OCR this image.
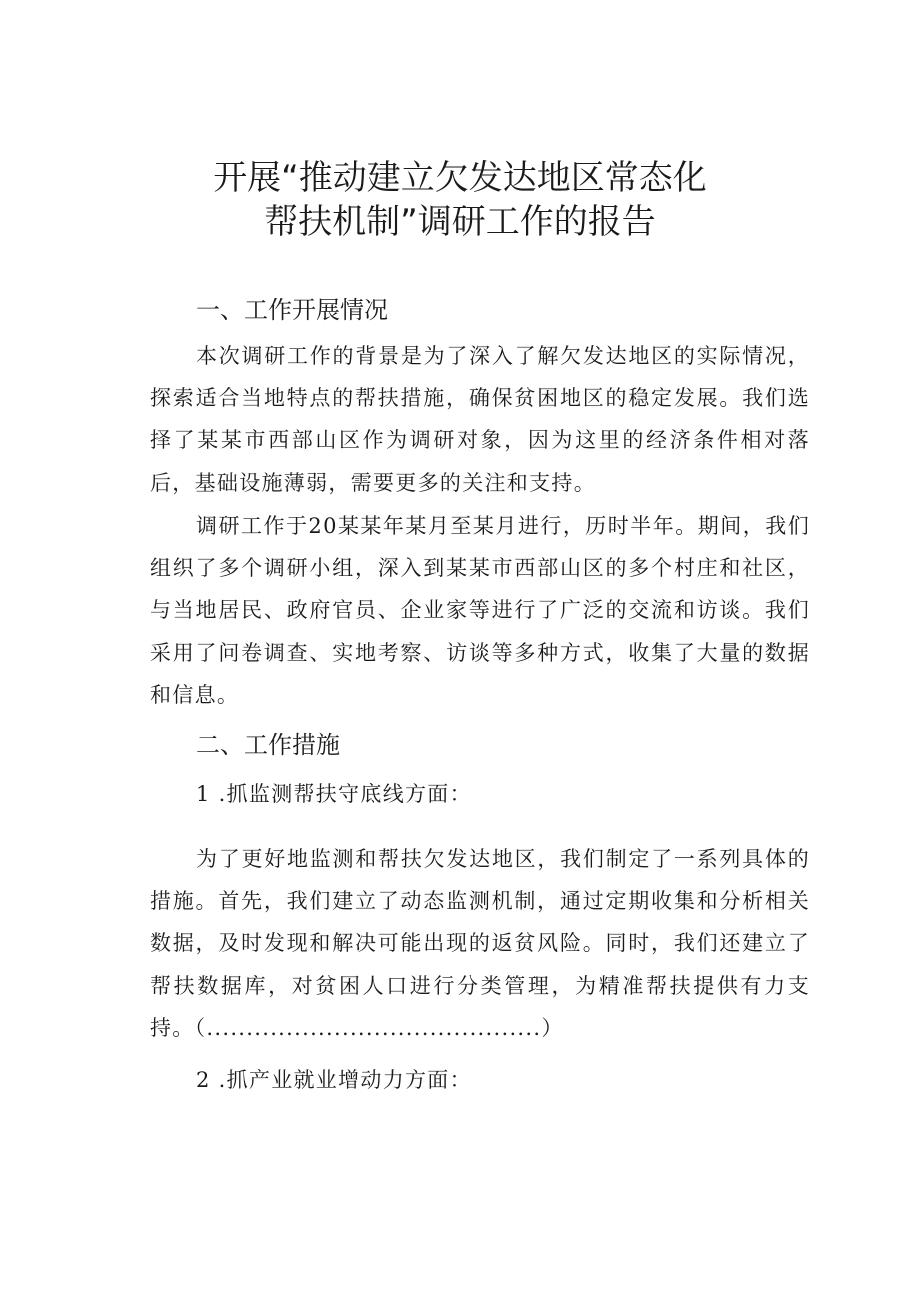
开展“推动建立欠发达地区常态化
帮扶机制”调研工作的报告
一、工作开展情况

本次调研工作的背景是为了深入了解欠发达地区的实际情况，探索适合当地特点的帮扶措施，确保贫困地区的稳定发展。我们选择了某某市西部山区作为调研对象，因为这里的经济条件相对落后，基础设施薄弱，需要更多的关注和支持。

调研工作于20某某年某月至某月进行，历时半年。期间，我们组织了多个调研小组，深入到某某市西部山区的多个村庄和社区，与当地居民、政府官员、企业家等进行了广泛的交流和访谈。我们采用了问卷调查、实地考察、访谈等多种方式，收集了大量的数据和信息。

二、工作措施

1 .抓监测帮扶守底线方面：

为了更好地监测和帮扶欠发达地区，我们制定了一系列具体的措施。首先，我们建立了动态监测机制，通过定期收集和分析相关数据，及时发现和解决可能出现的返贫风险。同时，我们还建立了帮扶数据库，对贫困人口进行分类管理，为精准帮扶提供有力支持。（..........................................）

2 .抓产业就业增动力方面：
